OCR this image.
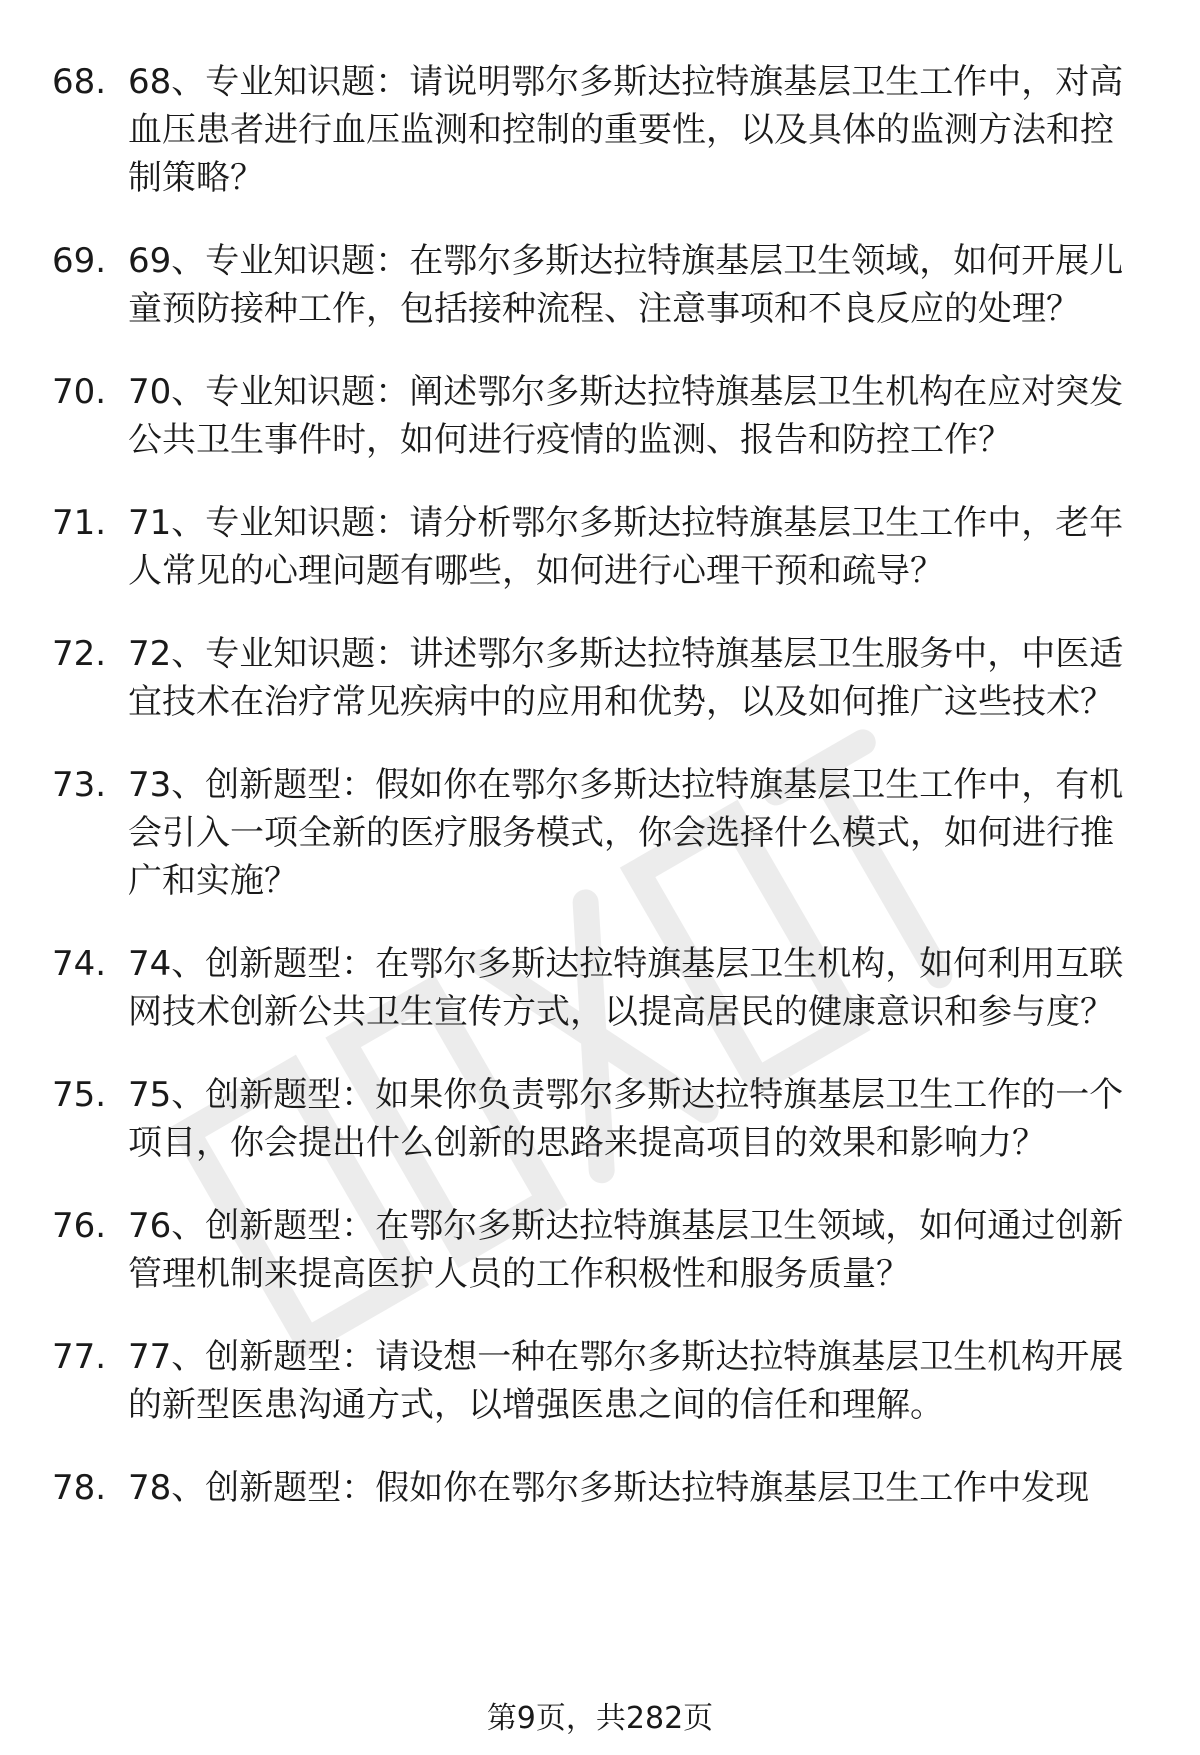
68. 68、专业知识题：请说明鄂尔多斯达拉特旗基层卫生工作中，对高血压患者进行血压监测和控制的重要性，以及具体的监测方法和控制策略？
69. 69、专业知识题：在鄂尔多斯达拉特旗基层卫生领域，如何开展儿童预防接种工作，包括接种流程、注意事项和不良反应的处理？
70. 70、专业知识题：阐述鄂尔多斯达拉特旗基层卫生机构在应对突发公共卫生事件时，如何进行疫情的监测、报告和防控工作？
71. 71、专业知识题：请分析鄂尔多斯达拉特旗基层卫生工作中，老年人常见的心理问题有哪些，如何进行心理干预和疏导？
72. 72、专业知识题：讲述鄂尔多斯达拉特旗基层卫生服务中，中医适宜技术在治疗常见疾病中的应用和优势，以及如何推广这些技术？
73. 73、创新题型：假如你在鄂尔多斯达拉特旗基层卫生工作中，有机会引入一项全新的医疗服务模式，你会选择什么模式，如何进行推广和实施？
74. 74、创新题型：在鄂尔多斯达拉特旗基层卫生机构，如何利用互联网技术创新公共卫生宣传方式，以提高居民的健康意识和参与度？
75. 75、创新题型：如果你负责鄂尔多斯达拉特旗基层卫生工作的一个项目，你会提出什么创新的思路来提高项目的效果和影响力？
76. 76、创新题型：在鄂尔多斯达拉特旗基层卫生领域，如何通过创新管理机制来提高医护人员的工作积极性和服务质量？
77. 77、创新题型：请设想一种在鄂尔多斯达拉特旗基层卫生机构开展的新型医患沟通方式，以增强医患之间的信任和理解。
78. 78、创新题型：假如你在鄂尔多斯达拉特旗基层卫生工作中发现
第9页，共282页
